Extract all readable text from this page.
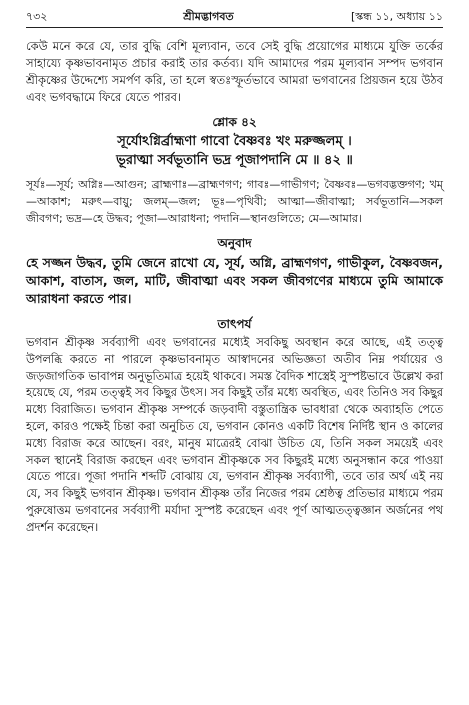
৭৩২	শ্রীমদ্ভাগবত	[স্কন্ধ ১১, অধ্যায় ১১

কেউ মনে করে যে, তার বুদ্ধি বেশি মূল্যবান, তবে সেই বুদ্ধি প্রয়োগের মাধ্যমে যুক্তি তর্কের সাহায্যে কৃষ্ণভাবনামৃত প্রচার করাই তার কর্তব্য। যদি আমাদের পরম মূল্যবান সম্পদ ভগবান শ্রীকৃষ্ণের উদ্দেশ্যে সমর্পণ করি, তা হলে স্বতঃস্ফূর্তভাবে আমরা ভগবানের প্রিয়জন হয়ে উঠব এবং ভগবদ্ধামে ফিরে যেতে পারব।

শ্লোক ৪২
সূর্যোঽগ্নির্ব্রাহ্মণা গাবো বৈষ্ণবঃ খং মরুজ্জলম্ ।
ভূরাত্মা সর্বভূতানি ভদ্র পূজাপদানি মে ॥ ৪২ ॥

সূর্যঃ—সূর্য; অগ্নিঃ—আগুন; ব্রাহ্মণাঃ—ব্রাহ্মণগণ; গাবঃ—গাভীগণ; বৈষ্ণবঃ—ভগবদ্ভক্তগণ; খম্—আকাশ; মরুৎ—বায়ু; জলম্—জল; ভূঃ—পৃথিবী; আত্মা—জীবাত্মা; সর্বভূতানি—সকল জীবগণ; ভদ্র—হে উদ্ধব; পূজা—আরাধনা; পদানি—স্থানগুলিতে; মে—আমার।

অনুবাদ

হে সজ্জন উদ্ধব, তুমি জেনে রাখো যে, সূর্য, অগ্নি, ব্রাহ্মণগণ, গাভীকুল, বৈষ্ণবজন, আকাশ, বাতাস, জল, মাটি, জীবাত্মা এবং সকল জীবগণের মাধ্যমে তুমি আমাকে আরাধনা করতে পার।

তাৎপর্য

ভগবান শ্রীকৃষ্ণ সর্বব্যাপী এবং ভগবানের মধ্যেই সবকিছু অবস্থান করে আছে, এই তত্ত্ব উপলব্ধি করতে না পারলে কৃষ্ণভাবনামৃত আস্বাদনের অভিজ্ঞতা অতীব নিম্ন পর্যায়ের ও জড়জাগতিক ভাবাপন্ন অনুভূতিমাত্র হয়েই থাকবে। সমস্ত বৈদিক শাস্ত্রেই সুস্পষ্টভাবে উল্লেখ করা হয়েছে যে, পরম তত্ত্বই সব কিছুর উৎস। সব কিছুই তাঁর মধ্যে অবস্থিত, এবং তিনিও সব কিছুর মধ্যে বিরাজিত। ভগবান শ্রীকৃষ্ণ সম্পর্কে জড়বাদী বস্তুতান্ত্রিক ভাবধারা থেকে অব্যাহতি পেতে হলে, কারও পক্ষেই চিন্তা করা অনুচিত যে, ভগবান কোনও একটি বিশেষ নির্দিষ্ট স্থান ও কালের মধ্যে বিরাজ করে আছেন। বরং, মানুষ মাত্রেরই বোঝা উচিত যে, তিনি সকল সময়েই এবং সকল স্থানেই বিরাজ করছেন এবং ভগবান শ্রীকৃষ্ণকে সব কিছুরই মধ্যে অনুসন্ধান করে পাওয়া যেতে পারে। পূজা পদানি শব্দটি বোঝায় যে, ভগবান শ্রীকৃষ্ণ সর্বব্যাপী, তবে তার অর্থ এই নয় যে, সব কিছুই ভগবান শ্রীকৃষ্ণ। ভগবান শ্রীকৃষ্ণ তাঁর নিজের পরম শ্রেষ্ঠত্ব প্রতিভার মাধ্যমে পরম পুরুষোত্তম ভগবানের সর্বব্যাপী মর্যাদা সুস্পষ্ট করেছেন এবং পূর্ণ আত্মতত্ত্বজ্ঞান অর্জনের পথ প্রদর্শন করেছেন।
